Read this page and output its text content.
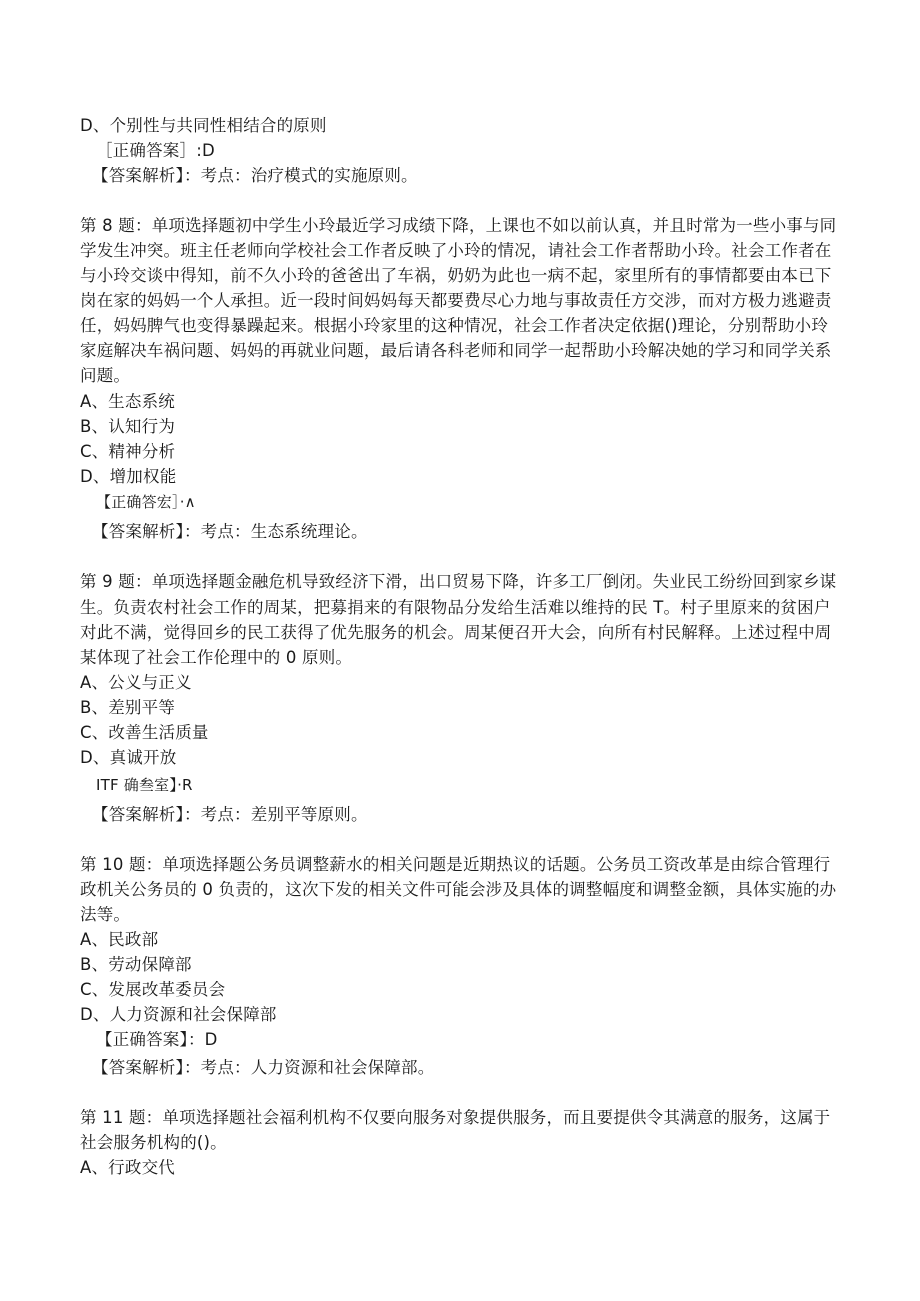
D、个别性与共同性相结合的原则
［正确答案］:D
【答案解析】：考点：治疗模式的实施原则。
第 8 题：单项选择题初中学生小玲最近学习成绩下降，上课也不如以前认真，并且时常为一些小事与同
学发生冲突。班主任老师向学校社会工作者反映了小玲的情况，请社会工作者帮助小玲。社会工作者在
与小玲交谈中得知，前不久小玲的爸爸出了车祸，奶奶为此也一病不起，家里所有的事情都要由本已下
岗在家的妈妈一个人承担。近一段时间妈妈每天都要费尽心力地与事故责任方交涉，而对方极力逃避责
任，妈妈脾气也变得暴躁起来。根据小玲家里的这种情况，社会工作者决定依据()理论，分别帮助小玲
家庭解决车祸问题、妈妈的再就业问题，最后请各科老师和同学一起帮助小玲解决她的学习和同学关系
问题。
A、生态系统
B、认知行为
C、精神分析
D、增加权能
【正确答宏］·∧
【答案解析】：考点：生态系统理论。
第 9 题：单项选择题金融危机导致经济下滑，出口贸易下降，许多工厂倒闭。失业民工纷纷回到家乡谋
生。负责农村社会工作的周某，把募捐来的有限物品分发给生活难以维持的民 T。村子里原来的贫困户
对此不满，觉得回乡的民工获得了优先服务的机会。周某便召开大会，向所有村民解释。上述过程中周
某体现了社会工作伦理中的 0 原则。
A、公义与正义
B、差别平等
C、改善生活质量
D、真诚开放
ITF 确叁室】·R
【答案解析】：考点：差别平等原则。
第 10 题：单项选择题公务员调整薪水的相关问题是近期热议的话题。公务员工资改革是由综合管理行
政机关公务员的 0 负责的，这次下发的相关文件可能会涉及具体的调整幅度和调整金额，具体实施的办
法等。
A、民政部
B、劳动保障部
C、发展改革委员会
D、人力资源和社会保障部
【正确答案】：D
【答案解析】：考点：人力资源和社会保障部。
第 11 题：单项选择题社会福利机构不仅要向服务对象提供服务，而且要提供令其满意的服务，这属于
社会服务机构的()。
A、行政交代
